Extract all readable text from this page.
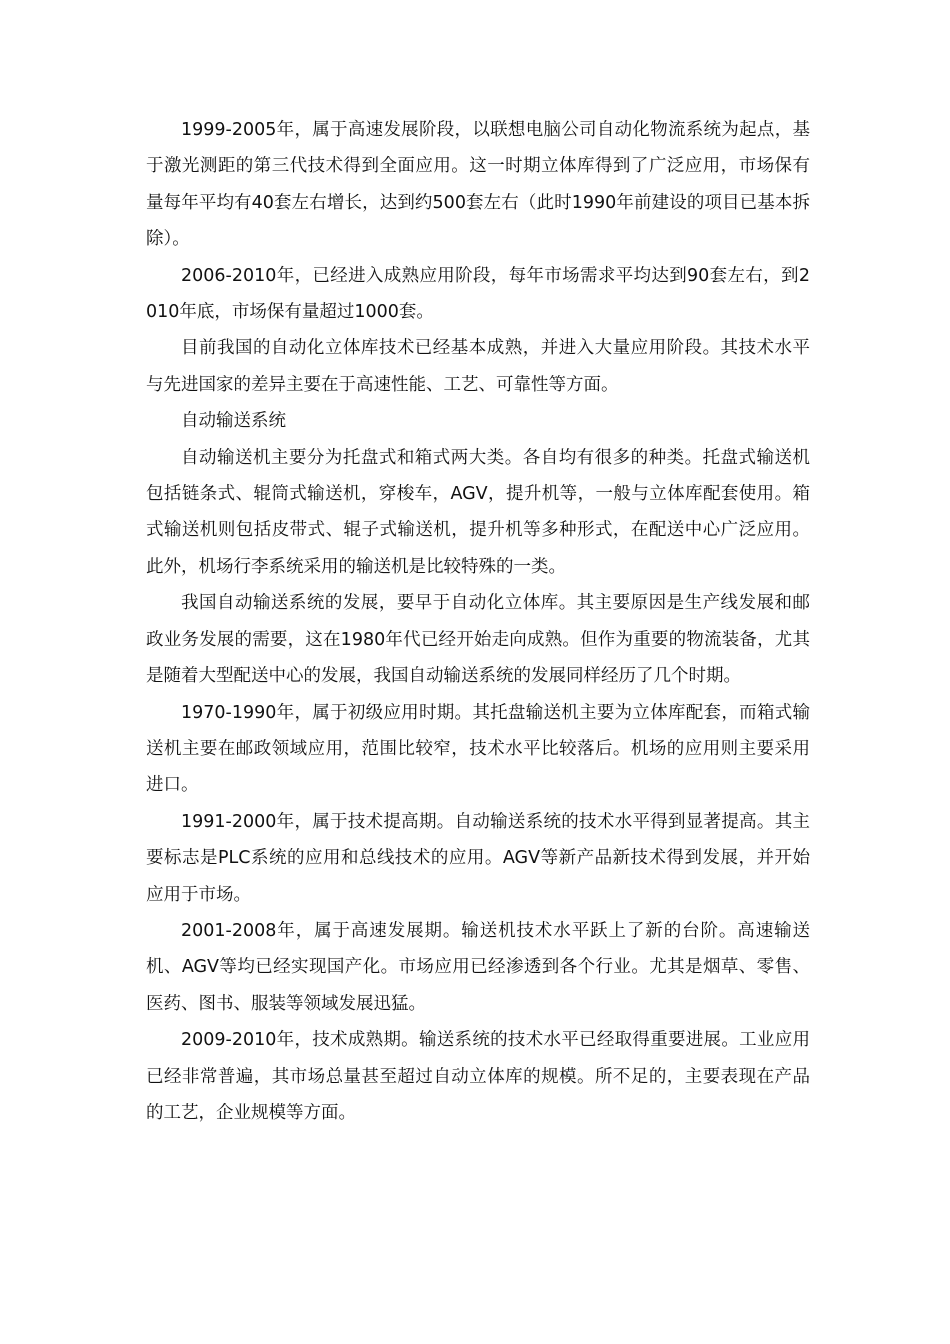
1999-2005年，属于高速发展阶段，以联想电脑公司自动化物流系统为起点，基于激光测距的第三代技术得到全面应用。这一时期立体库得到了广泛应用，市场保有量每年平均有40套左右增长，达到约500套左右（此时1990年前建设的项目已基本拆除）。

2006-2010年，已经进入成熟应用阶段，每年市场需求平均达到90套左右，到2010年底，市场保有量超过1000套。

目前我国的自动化立体库技术已经基本成熟，并进入大量应用阶段。其技术水平与先进国家的差异主要在于高速性能、工艺、可靠性等方面。

自动输送系统

自动输送机主要分为托盘式和箱式两大类。各自均有很多的种类。托盘式输送机包括链条式、辊筒式输送机，穿梭车，AGV，提升机等，一般与立体库配套使用。箱式输送机则包括皮带式、辊子式输送机，提升机等多种形式，在配送中心广泛应用。此外，机场行李系统采用的输送机是比较特殊的一类。

我国自动输送系统的发展，要早于自动化立体库。其主要原因是生产线发展和邮政业务发展的需要，这在1980年代已经开始走向成熟。但作为重要的物流装备，尤其是随着大型配送中心的发展，我国自动输送系统的发展同样经历了几个时期。

1970-1990年，属于初级应用时期。其托盘输送机主要为立体库配套，而箱式输送机主要在邮政领域应用，范围比较窄，技术水平比较落后。机场的应用则主要采用进口。

1991-2000年，属于技术提高期。自动输送系统的技术水平得到显著提高。其主要标志是PLC系统的应用和总线技术的应用。AGV等新产品新技术得到发展，并开始应用于市场。

2001-2008年，属于高速发展期。输送机技术水平跃上了新的台阶。高速输送机、AGV等均已经实现国产化。市场应用已经渗透到各个行业。尤其是烟草、零售、医药、图书、服装等领域发展迅猛。

2009-2010年，技术成熟期。输送系统的技术水平已经取得重要进展。工业应用已经非常普遍，其市场总量甚至超过自动立体库的规模。所不足的，主要表现在产品的工艺，企业规模等方面。
